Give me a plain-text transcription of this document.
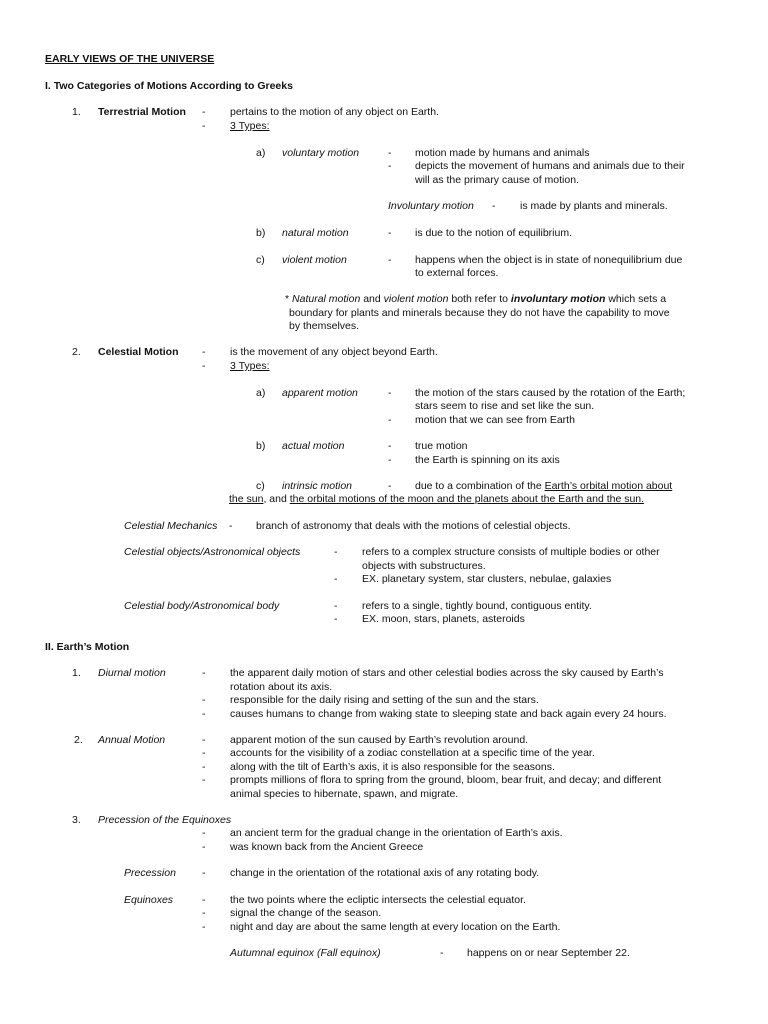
EARLY VIEWS OF THE UNIVERSE
I. Two Categories of Motions According to Greeks
1. Terrestrial Motion - pertains to the motion of any object on Earth.
- 3 Types:
a) voluntary motion	- motion made by humans and animals
- depicts the movement of humans and animals due to their
will as the primary cause of motion.
Involuntary motion - is made by plants and minerals.
b) natural motion	- is due to the notion of equilibrium.
c) violent motion	- happens when the object is in state of nonequilibrium due
to external forces.
* Natural motion and violent motion both refer to involuntary motion which sets a
boundary for plants and minerals because they do not have the capability to move
by themselves.
2. Celestial Motion - is the movement of any object beyond Earth.
- 3 Types:
a) apparent motion	- the motion of the stars caused by the rotation of the Earth;
stars seem to rise and set like the sun.
- motion that we can see from Earth
b) actual motion	- true motion
- the Earth is spinning on its axis
c) intrinsic motion	- due to a combination of the Earth’s orbital motion about
the sun, and the orbital motions of the moon and the planets about the Earth and the sun.
Celestial Mechanics - branch of astronomy that deals with the motions of celestial objects.
Celestial objects/Astronomical objects	- refers to a complex structure consists of multiple bodies or other
objects with substructures.
- EX. planetary system, star clusters, nebulae, galaxies
Celestial body/Astronomical body	- refers to a single, tightly bound, contiguous entity.
- EX. moon, stars, planets, asteroids
II. Earth’s Motion
1. Diurnal motion	- the apparent daily motion of stars and other celestial bodies across the sky caused by Earth’s
rotation about its axis.
- responsible for the daily rising and setting of the sun and the stars.
- causes humans to change from waking state to sleeping state and back again every 24 hours.
2. Annual Motion	- apparent motion of the sun caused by Earth’s revolution around.
- accounts for the visibility of a zodiac constellation at a specific time of the year.
- along with the tilt of Earth’s axis, it is also responsible for the seasons.
- prompts millions of flora to spring from the ground, bloom, bear fruit, and decay; and different
animal species to hibernate, spawn, and migrate.
3. Precession of the Equinoxes
- an ancient term for the gradual change in the orientation of Earth’s axis.
- was known back from the Ancient Greece
Precession - change in the orientation of the rotational axis of any rotating body.
Equinoxes	- the two points where the ecliptic intersects the celestial equator.
- signal the change of the season.
- night and day are about the same length at every location on the Earth.
Autumnal equinox (Fall equinox)	- happens on or near September 22.
